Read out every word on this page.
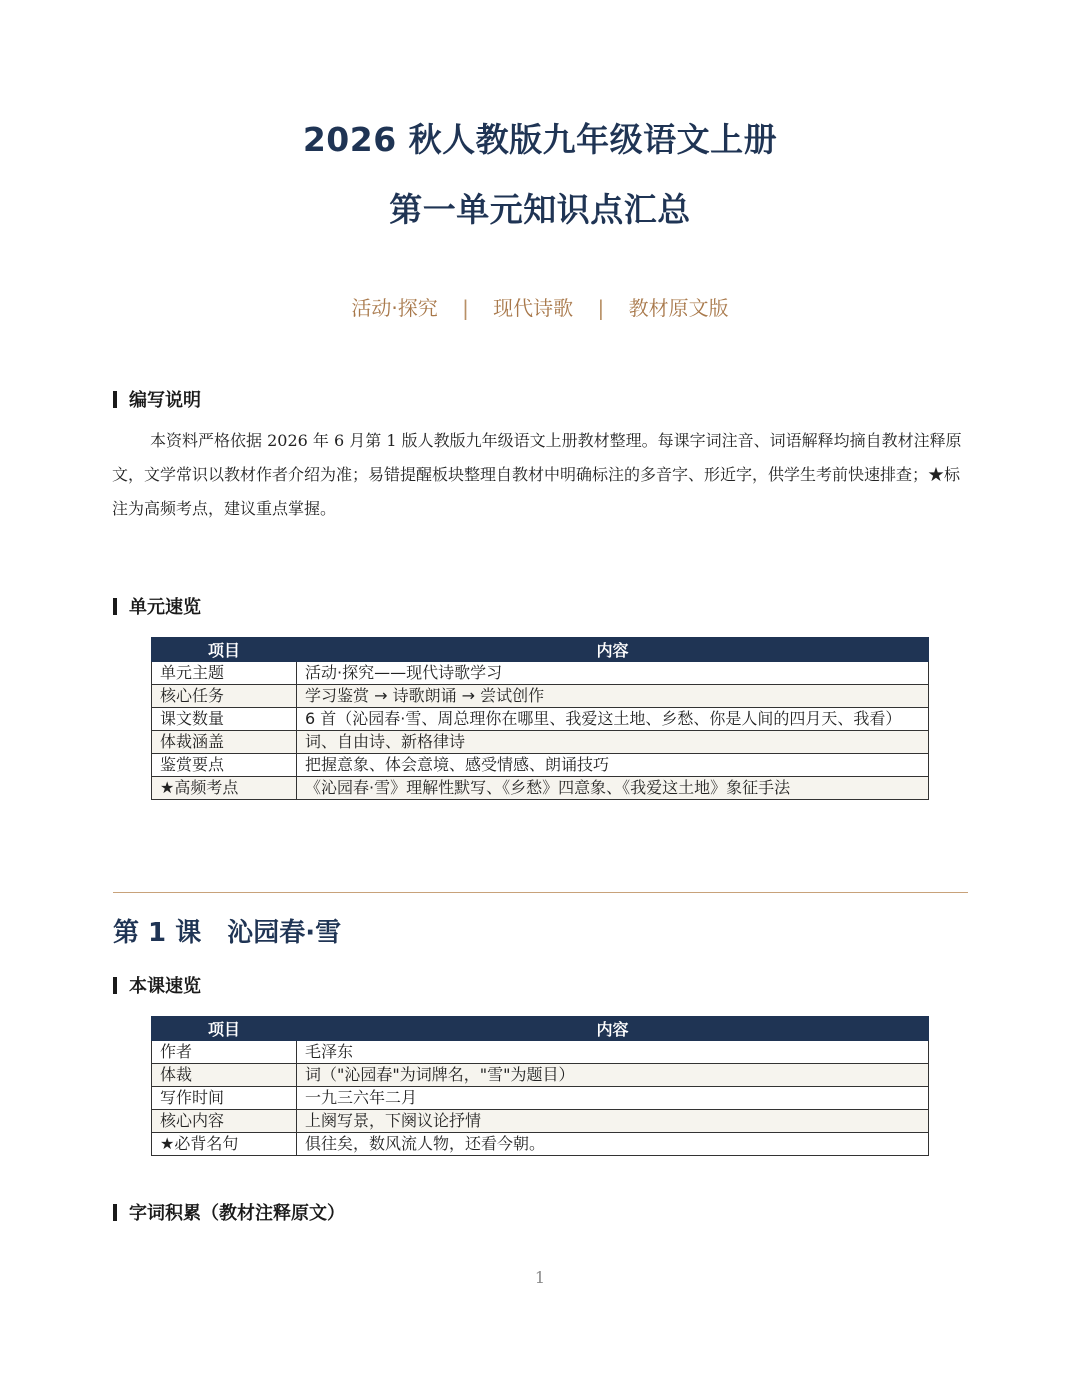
2026 秋人教版九年级语文上册
第一单元知识点汇总
活动·探究 | 现代诗歌 | 教材原文版
编写说明
本资料严格依据 2026 年 6 月第 1 版人教版九年级语文上册教材整理。每课字词注音、词语解释均摘自教材注释原文，文学常识以教材作者介绍为准；易错提醒板块整理自教材中明确标注的多音字、形近字，供学生考前快速排查；★标注为高频考点，建议重点掌握。
单元速览
项目	内容
单元主题	活动·探究——现代诗歌学习
核心任务	学习鉴赏 → 诗歌朗诵 → 尝试创作
课文数量	6 首（沁园春·雪、周总理你在哪里、我爱这土地、乡愁、你是人间的四月天、我看）
体裁涵盖	词、自由诗、新格律诗
鉴赏要点	把握意象、体会意境、感受情感、朗诵技巧
★高频考点	《沁园春·雪》理解性默写、《乡愁》四意象、《我爱这土地》象征手法
第 1 课 沁园春·雪
本课速览
项目	内容
作者	毛泽东
体裁	词（"沁园春"为词牌名，"雪"为题目）
写作时间	一九三六年二月
核心内容	上阕写景，下阕议论抒情
★必背名句	俱往矣，数风流人物，还看今朝。
字词积累（教材注释原文）
1
